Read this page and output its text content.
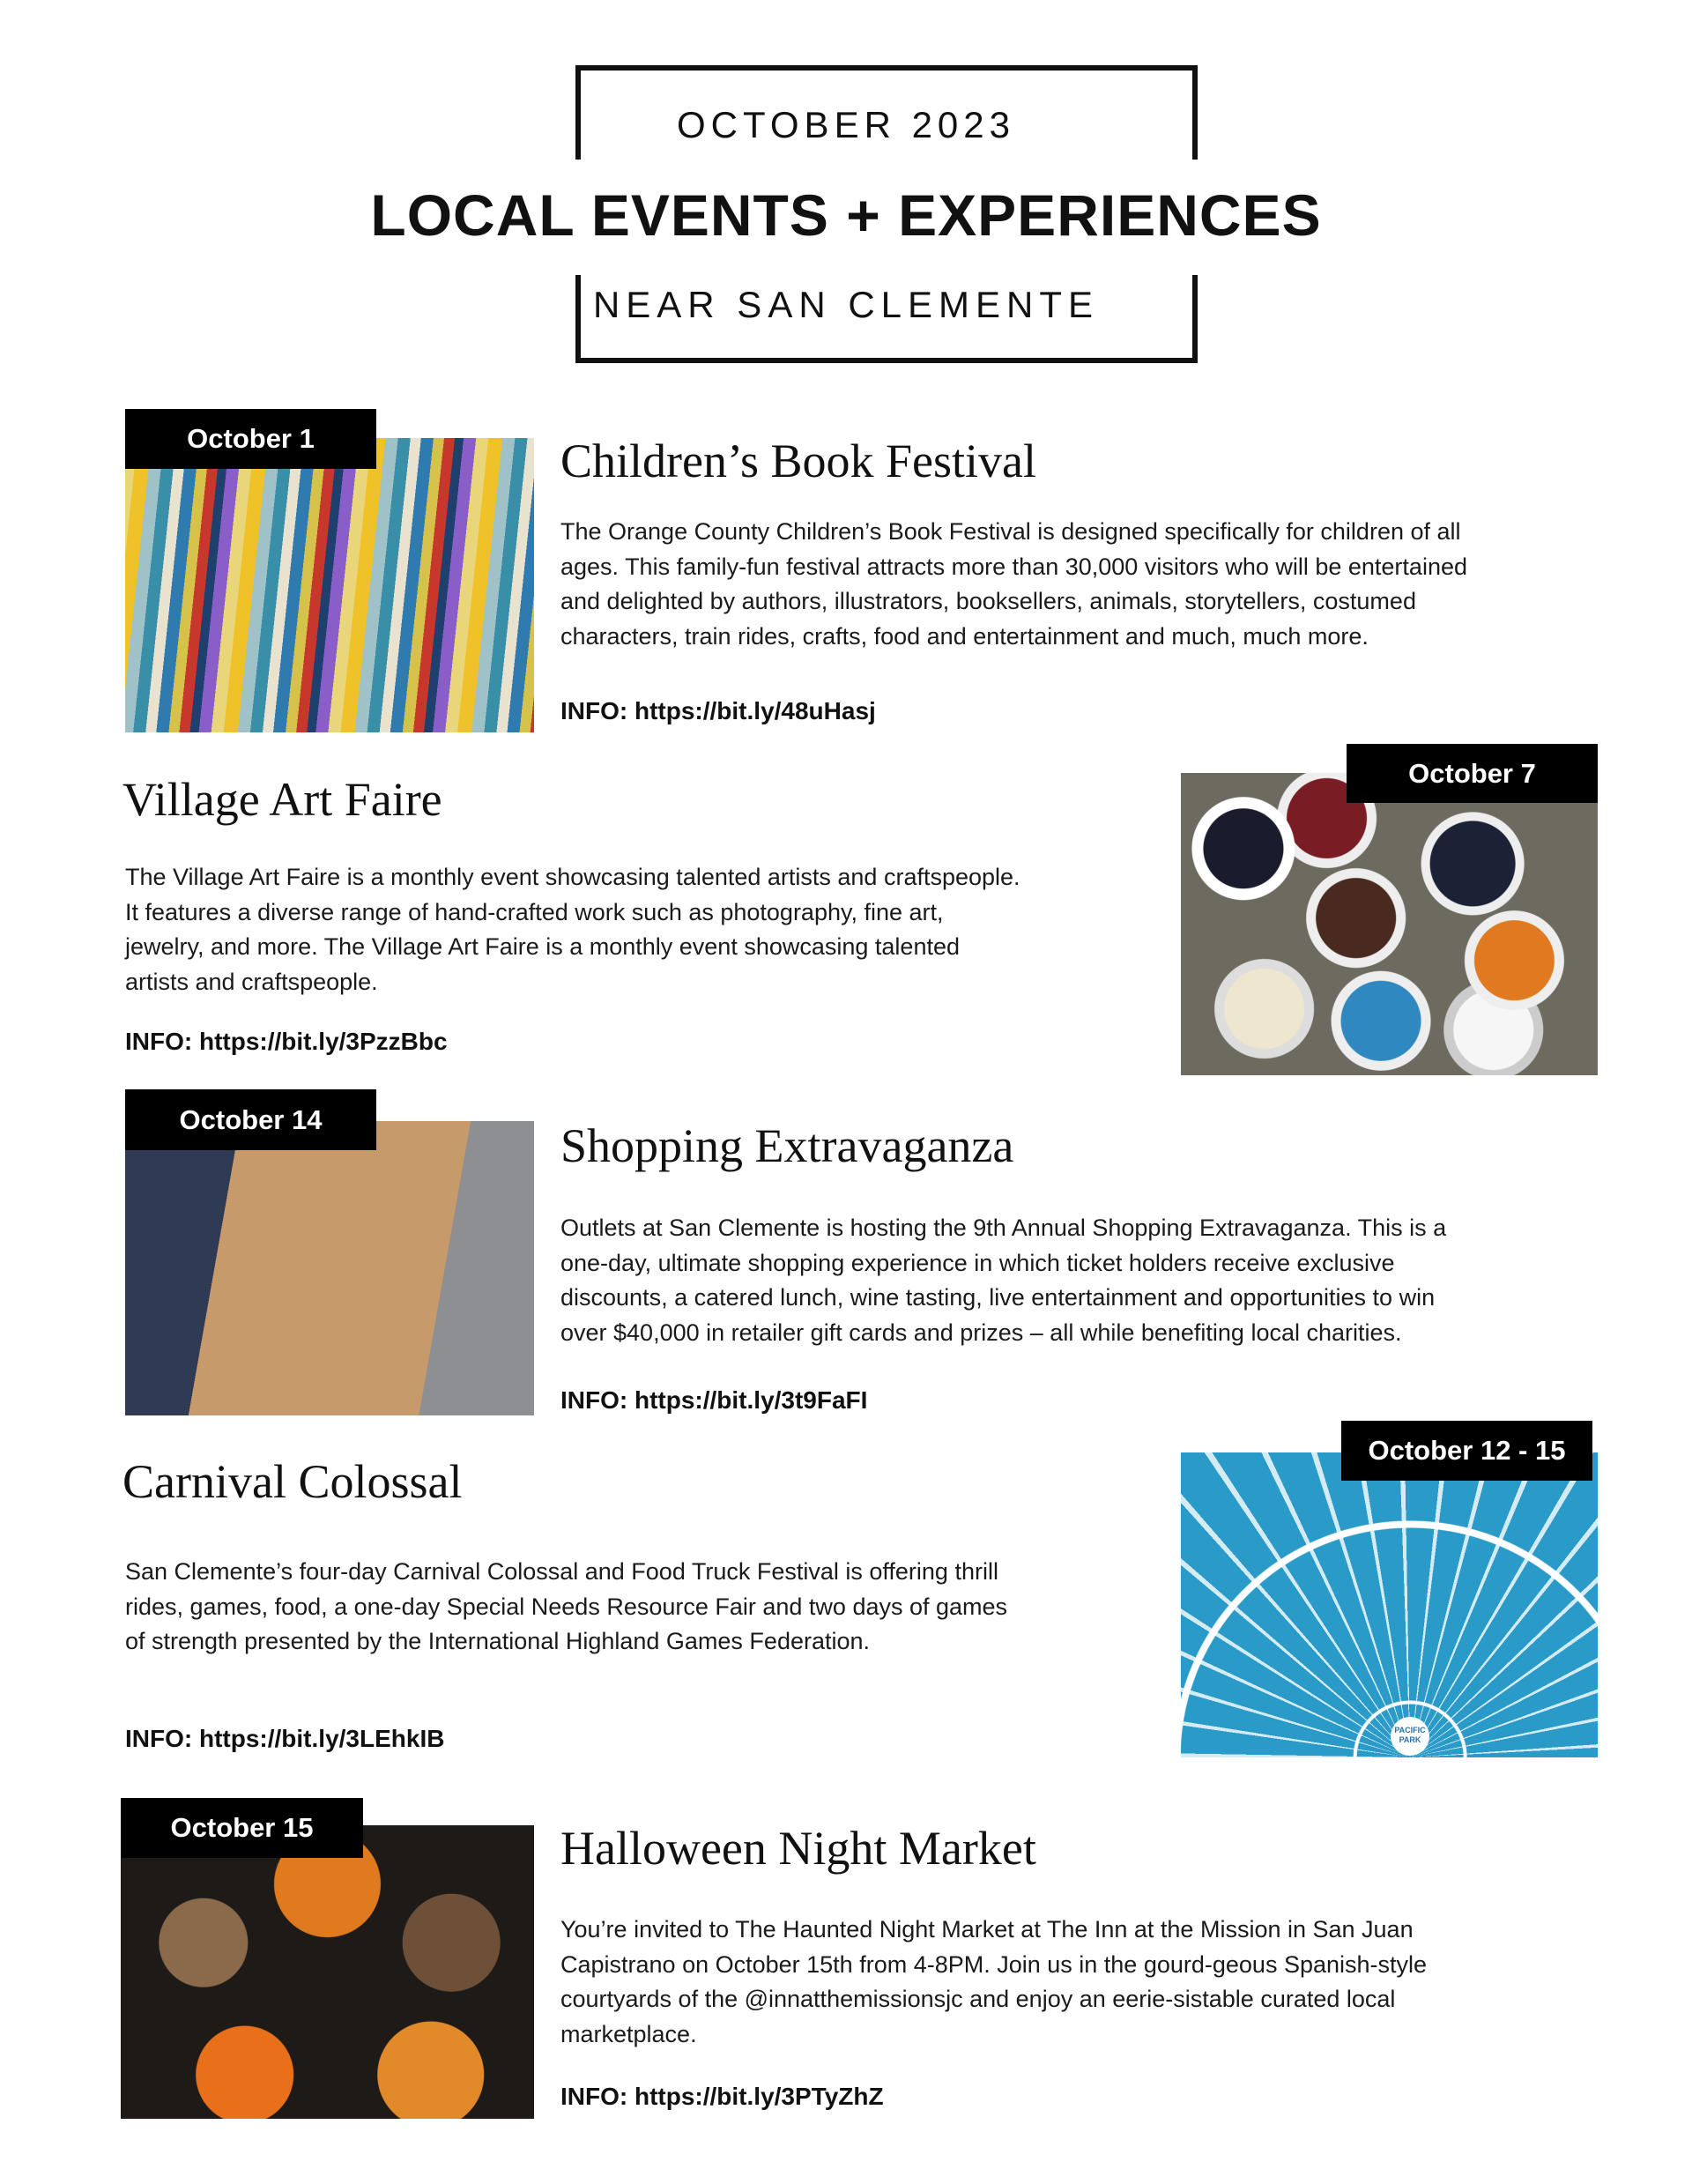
OCTOBER 2023
LOCAL EVENTS + EXPERIENCES
NEAR SAN CLEMENTE
October 1	Children’s Book Festival
The Orange County Children’s Book Festival is designed specifically for children of all
ages. This family-fun festival attracts more than 30,000 visitors who will be entertained
and delighted by authors, illustrators, booksellers, animals, storytellers, costumed
characters, train rides, crafts, food and entertainment and much, much more.
INFO: https://bit.ly/48uHasj
Village Art Faire
The Village Art Faire is a monthly event showcasing talented artists and craftspeople.
It features a diverse range of hand-crafted work such as photography, fine art,
jewelry, and more. The Village Art Faire is a monthly event showcasing talented
artists and craftspeople.
INFO: https://bit.ly/3PzzBbc
October 7
October 14	Shopping Extravaganza
Outlets at San Clemente is hosting the 9th Annual Shopping Extravaganza. This is a
one-day, ultimate shopping experience in which ticket holders receive exclusive
discounts, a catered lunch, wine tasting, live entertainment and opportunities to win
over $40,000 in retailer gift cards and prizes – all while benefiting local charities.
INFO: https://bit.ly/3t9FaFI
Carnival Colossal
San Clemente’s four-day Carnival Colossal and Food Truck Festival is offering thrill
rides, games, food, a one-day Special Needs Resource Fair and two days of games
of strength presented by the International Highland Games Federation.
INFO: https://bit.ly/3LEhkIB	PACIFIC PARK
October 12 - 15
October 15	Halloween Night Market
You’re invited to The Haunted Night Market at The Inn at the Mission in San Juan
Capistrano on October 15th from 4-8PM. Join us in the gourd-geous Spanish-style
courtyards of the @innatthemissionsjc and enjoy an eerie-sistable curated local
marketplace.
INFO: https://bit.ly/3PTyZhZ
